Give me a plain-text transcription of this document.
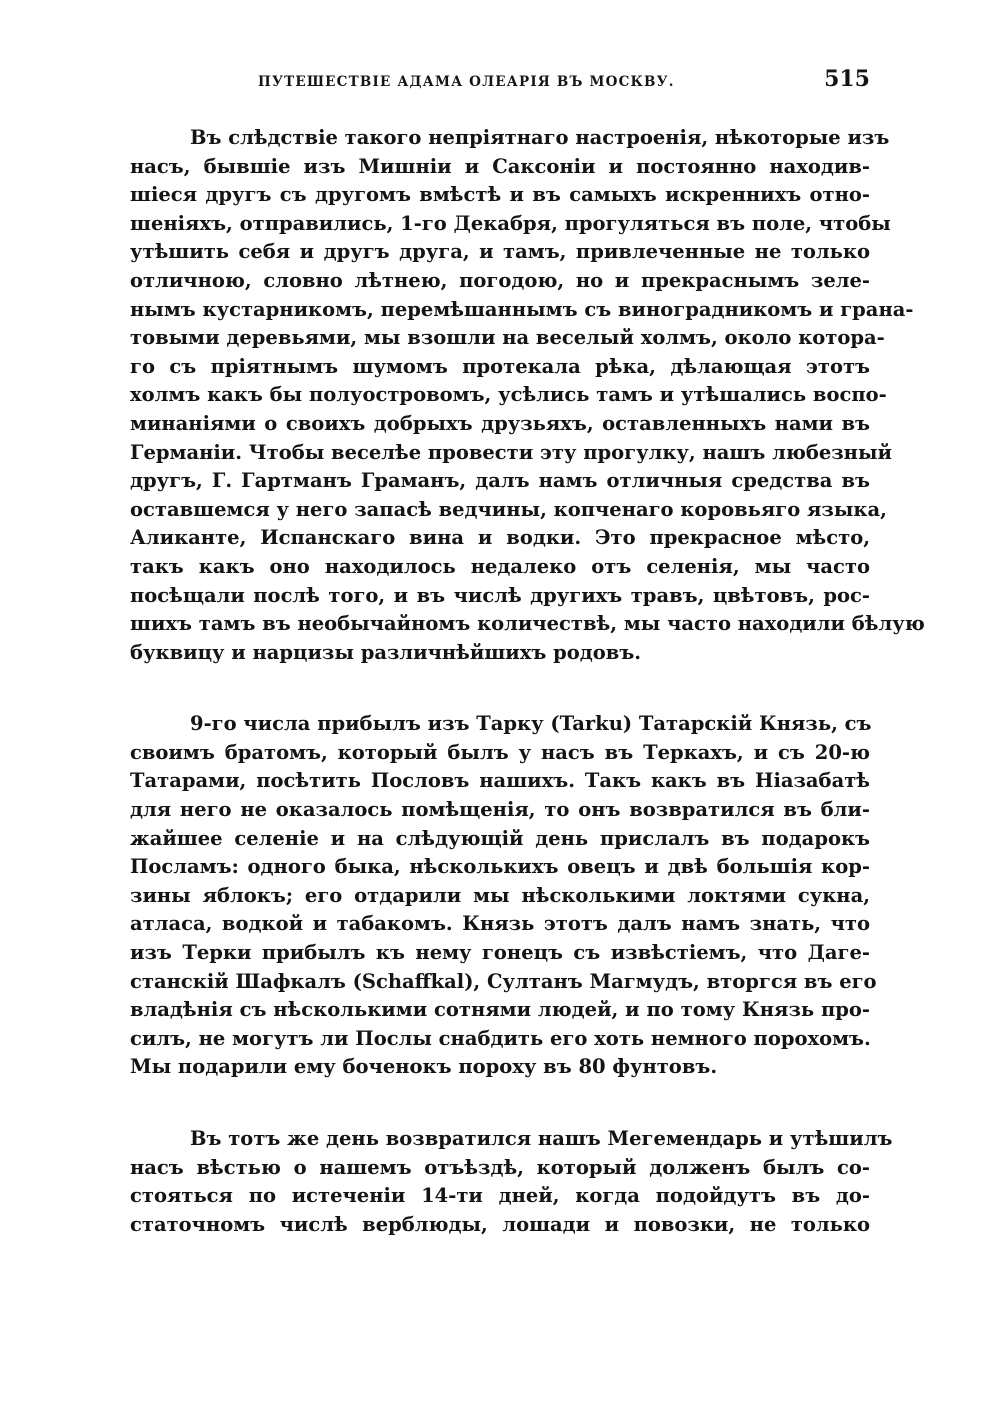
ПУТЕШЕСТВІЕ АДАМА ОЛЕАРІЯ ВЪ МОСКВУ.	515
Въ слѣдствіе такого непріятнаго настроенія, нѣкоторые изъ
насъ, бывшіе изъ Мишніи и Саксоніи и постоянно находив-
шіеся другъ съ другомъ вмѣстѣ и въ самыхъ искреннихъ отно-
шеніяхъ, отправились, 1-го Декабря, прогуляться въ поле, чтобы
утѣшить себя и другъ друга, и тамъ, привлеченные не только
отличною, словно лѣтнею, погодою, но и прекраснымъ зеле-
нымъ кустарникомъ, перемѣшаннымъ съ виноградникомъ и грана-
товыми деревьями, мы взошли на веселый холмъ, около котора-
го съ пріятнымъ шумомъ протекала рѣка, дѣлающая этотъ
холмъ какъ бы полуостровомъ, усѣлись тамъ и утѣшались воспо-
минаніями о своихъ добрыхъ друзьяхъ, оставленныхъ нами въ
Германіи. Чтобы веселѣе провести эту прогулку, нашъ любезный
другъ, Г. Гартманъ Граманъ, далъ намъ отличныя средства въ
оставшемся у него запасѣ ведчины, копченаго коровьяго языка,
Аликанте, Испанскаго вина и водки. Это прекрасное мѣсто,
такъ какъ оно находилось недалеко отъ селенія, мы часто
посѣщали послѣ того, и въ числѣ другихъ травъ, цвѣтовъ, рос-
шихъ тамъ въ необычайномъ количествѣ, мы часто находили бѣлую
буквицу и нарцизы различнѣйшихъ родовъ.
9-го числа прибылъ изъ Тарку (Tarku) Татарскій Князь, съ
своимъ братомъ, который былъ у насъ въ Теркахъ, и съ 20-ю
Татарами, посѣтить Пословъ нашихъ. Такъ какъ въ Ніазабатѣ
для него не оказалось помѣщенія, то онъ возвратился въ бли-
жайшее селеніе и на слѣдующій день прислалъ въ подарокъ
Посламъ: одного быка, нѣсколькихъ овецъ и двѣ большія кор-
зины яблокъ; его отдарили мы нѣсколькими локтями сукна,
атласа, водкой и табакомъ. Князь этотъ далъ намъ знать, что
изъ Терки прибылъ къ нему гонецъ съ извѣстіемъ, что Даге-
станскій Шафкалъ (Schaffkal), Султанъ Магмудъ, вторгся въ его
владѣнія съ нѣсколькими сотнями людей, и по тому Князь про-
силъ, не могутъ ли Послы снабдить его хоть немного порохомъ.
Мы подарили ему боченокъ пороху въ 80 фунтовъ.
Въ тотъ же день возвратился нашъ Мегемендарь и утѣшилъ
насъ вѣстью о нашемъ отъѣздѣ, который долженъ былъ со-
стояться по истеченіи 14-ти дней, когда подойдутъ въ до-
статочномъ числѣ верблюды, лошади и повозки, не только
